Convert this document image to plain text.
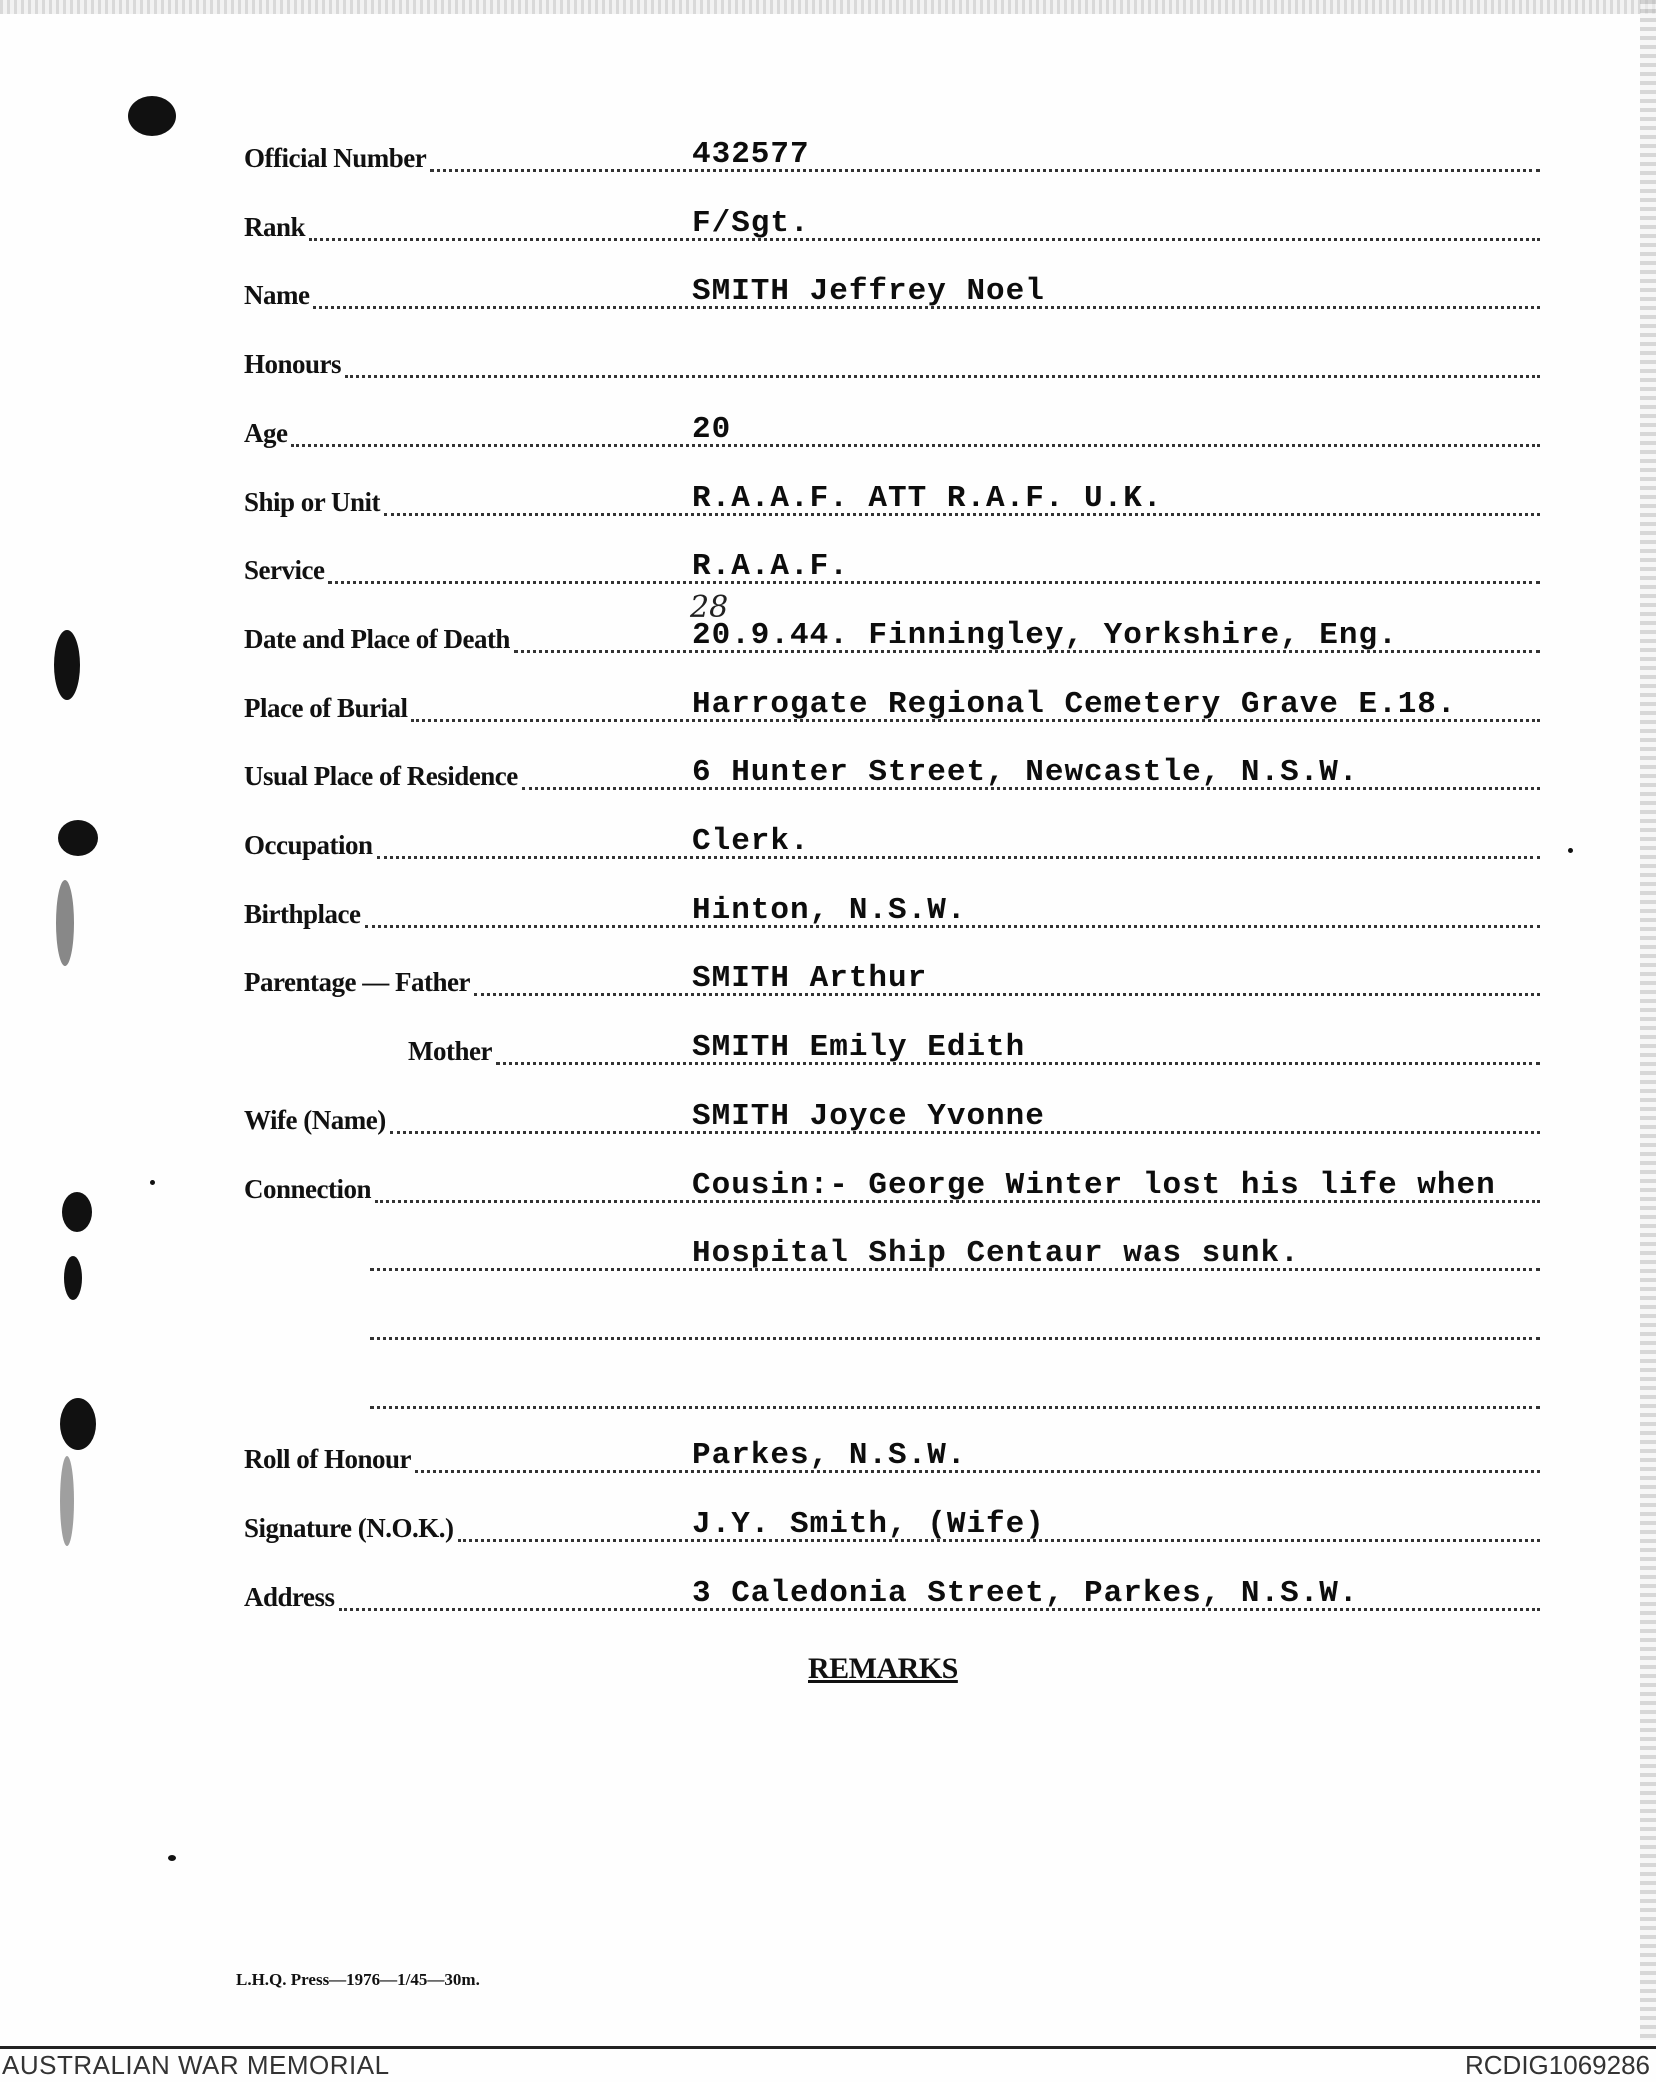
28
Official Number	432577
Rank	F/Sgt.
Name	SMITH Jeffrey Noel
Honours
Age	20
Ship or Unit	R.A.A.F. ATT R.A.F. U.K.
Service	R.A.A.F.
Date and Place of Death	20.9.44. Finningley, Yorkshire, Eng.
Place of Burial	Harrogate Regional Cemetery Grave E.18.
Usual Place of Residence	6 Hunter Street, Newcastle, N.S.W.
Occupation	Clerk.
Birthplace	Hinton, N.S.W.
Parentage — Father	SMITH Arthur
Mother	SMITH Emily Edith
Wife (Name)	SMITH Joyce Yvonne
Connection	Cousin:- George Winter lost his life when
Hospital Ship Centaur was sunk.
Roll of Honour	Parkes, N.S.W.
Signature (N.O.K.)	J.Y. Smith, (Wife)
Address	3 Caledonia Street, Parkes, N.S.W.
REMARKS
L.H.Q. Press—1976—1/45—30m.
AUSTRALIAN WAR MEMORIAL	RCDIG1069286
